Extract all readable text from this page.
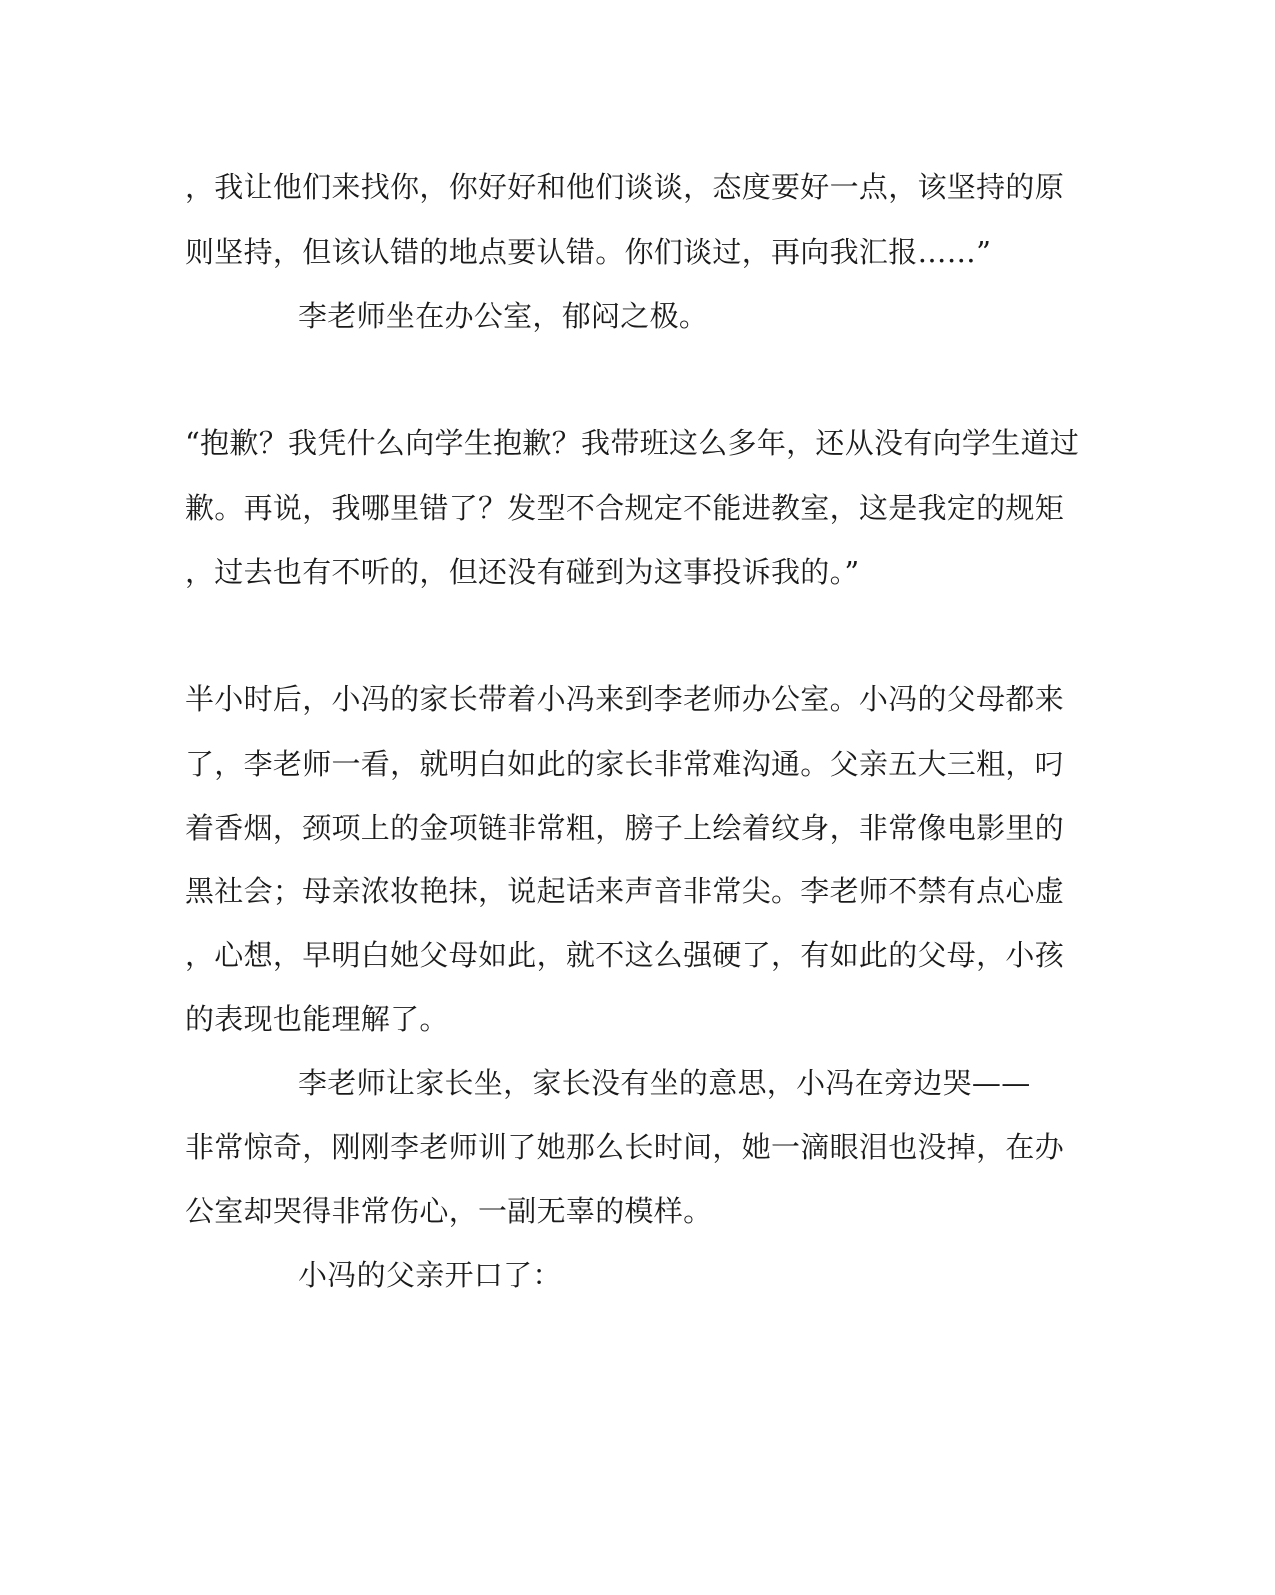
，我让他们来找你，你好好和他们谈谈，态度要好一点，该坚持的原
则坚持，但该认错的地点要认错。你们谈过，再向我汇报……”
李老师坐在办公室，郁闷之极。
“抱歉？我凭什么向学生抱歉？我带班这么多年，还从没有向学生道过
歉。再说，我哪里错了？发型不合规定不能进教室，这是我定的规矩
，过去也有不听的，但还没有碰到为这事投诉我的。”
半小时后，小冯的家长带着小冯来到李老师办公室。小冯的父母都来
了，李老师一看，就明白如此的家长非常难沟通。父亲五大三粗，叼
着香烟，颈项上的金项链非常粗，膀子上绘着纹身，非常像电影里的
黑社会；母亲浓妆艳抹，说起话来声音非常尖。李老师不禁有点心虚
，心想，早明白她父母如此，就不这么强硬了，有如此的父母，小孩
的表现也能理解了。
李老师让家长坐，家长没有坐的意思，小冯在旁边哭——
非常惊奇，刚刚李老师训了她那么长时间，她一滴眼泪也没掉，在办
公室却哭得非常伤心，一副无辜的模样。
小冯的父亲开口了：
